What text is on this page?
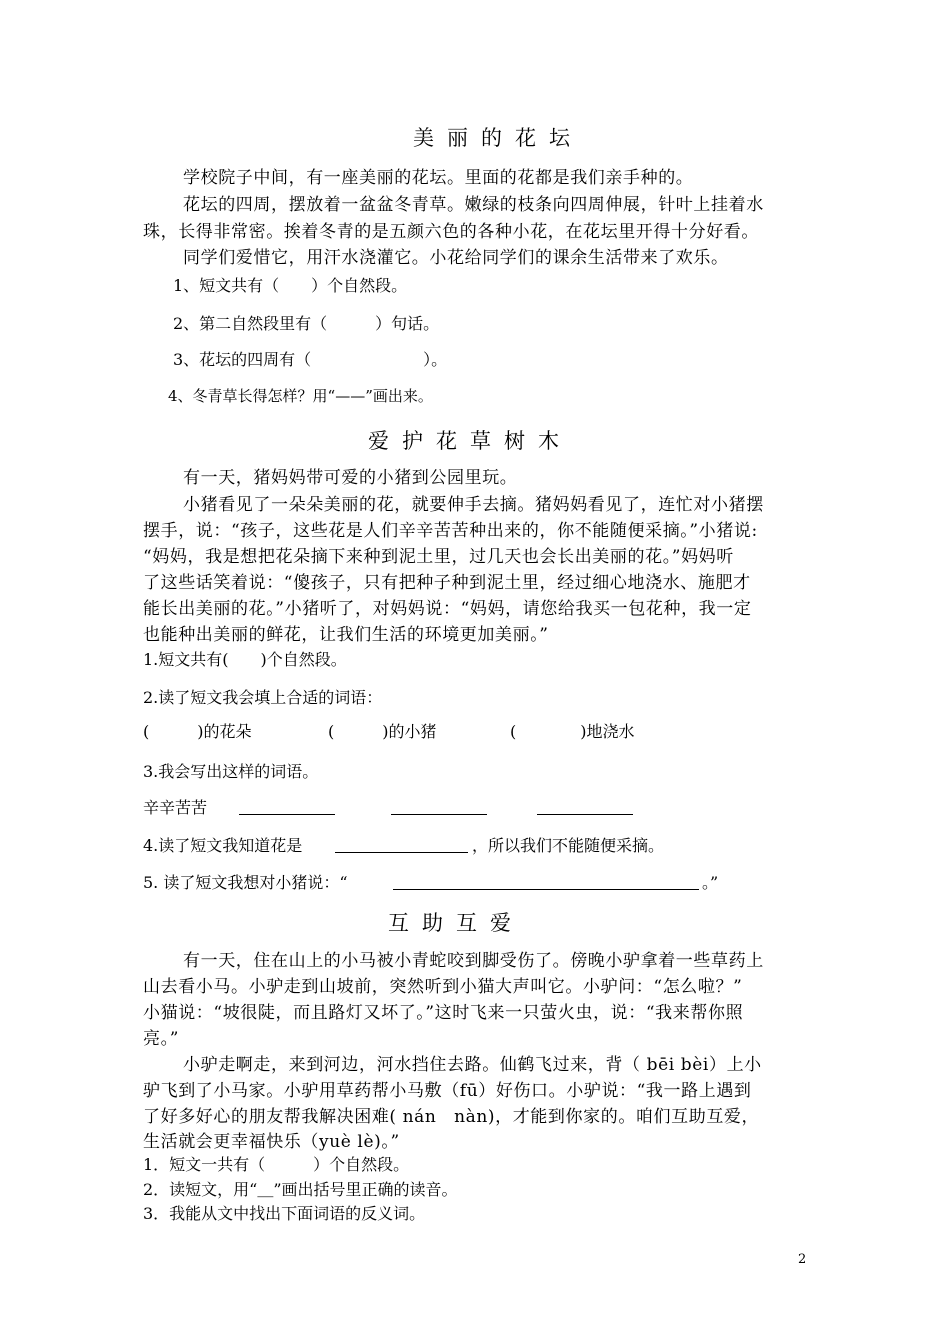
美丽的花坛
学校院子中间，有一座美丽的花坛。里面的花都是我们亲手种的。
花坛的四周，摆放着一盆盆冬青草。嫩绿的枝条向四周伸展，针叶上挂着水
珠，长得非常密。挨着冬青的是五颜六色的各种小花，在花坛里开得十分好看。
同学们爱惜它，用汗水浇灌它。小花给同学们的课余生活带来了欢乐。
1、短文共有（　　）个自然段。
2、第二自然段里有（　　　）句话。
3、花坛的四周有（　　　　　　　）。
4、冬青草长得怎样？用“——”画出来。
爱护花草树木
有一天，猪妈妈带可爱的小猪到公园里玩。
小猪看见了一朵朵美丽的花，就要伸手去摘。猪妈妈看见了，连忙对小猪摆
摆手，说：“孩子，这些花是人们辛辛苦苦种出来的，你不能随便采摘。”小猪说:
“妈妈，我是想把花朵摘下来种到泥土里，过几天也会长出美丽的花。”妈妈听
了这些话笑着说：“傻孩子，只有把种子种到泥土里，经过细心地浇水、施肥才
能长出美丽的花。”小猪听了，对妈妈说：“妈妈，请您给我买一包花种，我一定
也能种出美丽的鲜花，让我们生活的环境更加美丽。”
1.短文共有(　　)个自然段。
2.读了短文我会填上合适的词语：
(　　　)的花朵	(　　　)的小猪	(　　　　)地浇水
3.我会写出这样的词语。
辛辛苦苦
4.读了短文我知道花是	，所以我们不能随便采摘。
5. 读了短文我想对小猪说：“	。”
互助互爱
有一天，住在山上的小马被小青蛇咬到脚受伤了。傍晚小驴拿着一些草药上
山去看小马。小驴走到山坡前，突然听到小猫大声叫它。小驴问：“怎么啦？”
小猫说：“坡很陡，而且路灯又坏了。”这时飞来一只萤火虫，说：“我来帮你照
亮。”
小驴走啊走，来到河边，河水挡住去路。仙鹤飞过来，背（ bēi bèi）上小
驴飞到了小马家。小驴用草药帮小马敷（fū）好伤口。小驴说：“我一路上遇到
了好多好心的朋友帮我解决困难( nán　nàn)，才能到你家的。咱们互助互爱，
生活就会更幸福快乐（yuè lè)。”
1．短文一共有（　　　）个自然段。
2．读短文，用“＿”画出括号里正确的读音。
3．我能从文中找出下面词语的反义词。
2
